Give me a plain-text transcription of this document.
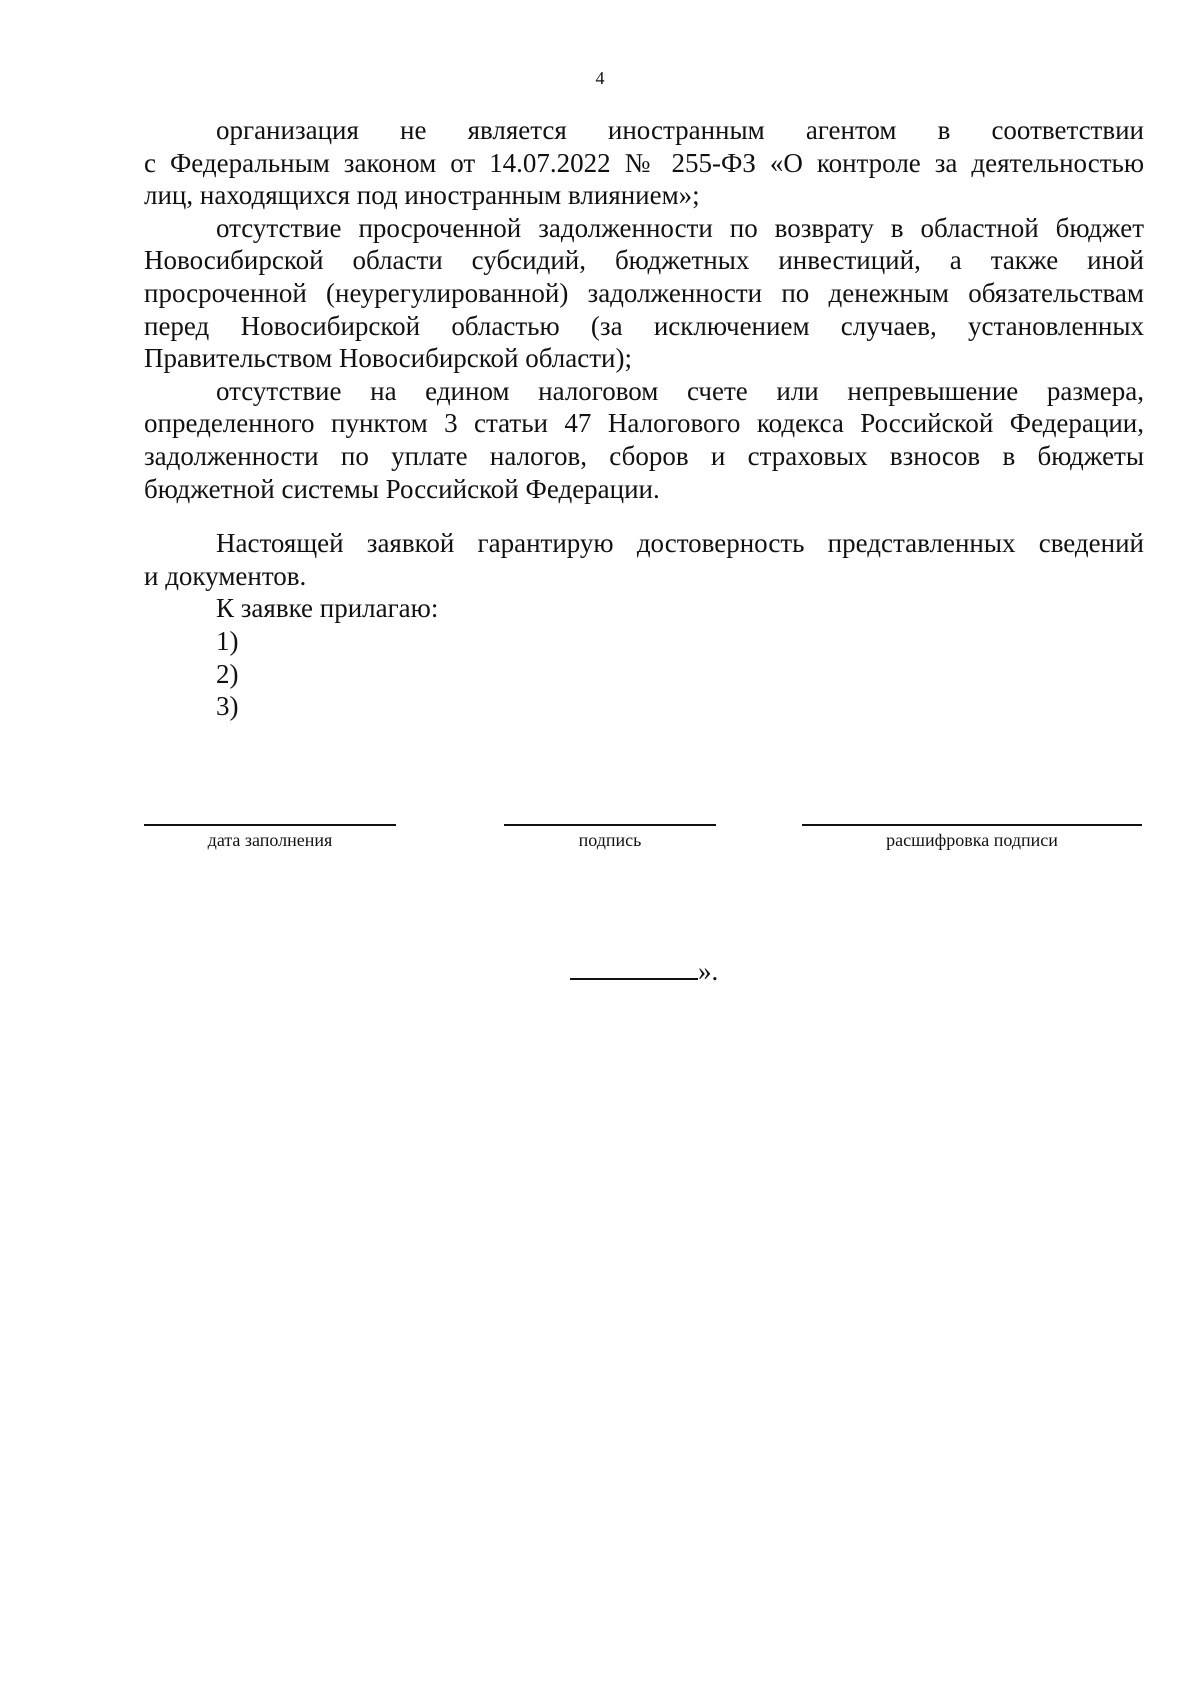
4
организация не является иностранным агентом в соответствии
с Федеральным законом от 14.07.2022 № 255-ФЗ «О контроле за деятельностью
лиц, находящихся под иностранным влиянием»;
отсутствие просроченной задолженности по возврату в областной бюджет
Новосибирской области субсидий, бюджетных инвестиций, а также иной
просроченной (неурегулированной) задолженности по денежным обязательствам
перед Новосибирской областью (за исключением случаев, установленных
Правительством Новосибирской области);
отсутствие на едином налоговом счете или непревышение размера,
определенного пунктом 3 статьи 47 Налогового кодекса Российской Федерации,
задолженности по уплате налогов, сборов и страховых взносов в бюджеты
бюджетной системы Российской Федерации.
Настоящей заявкой гарантирую достоверность представленных сведений
и документов.
К заявке прилагаю:
1)
2)
3)
дата заполнения	подпись	расшифровка подписи
».
